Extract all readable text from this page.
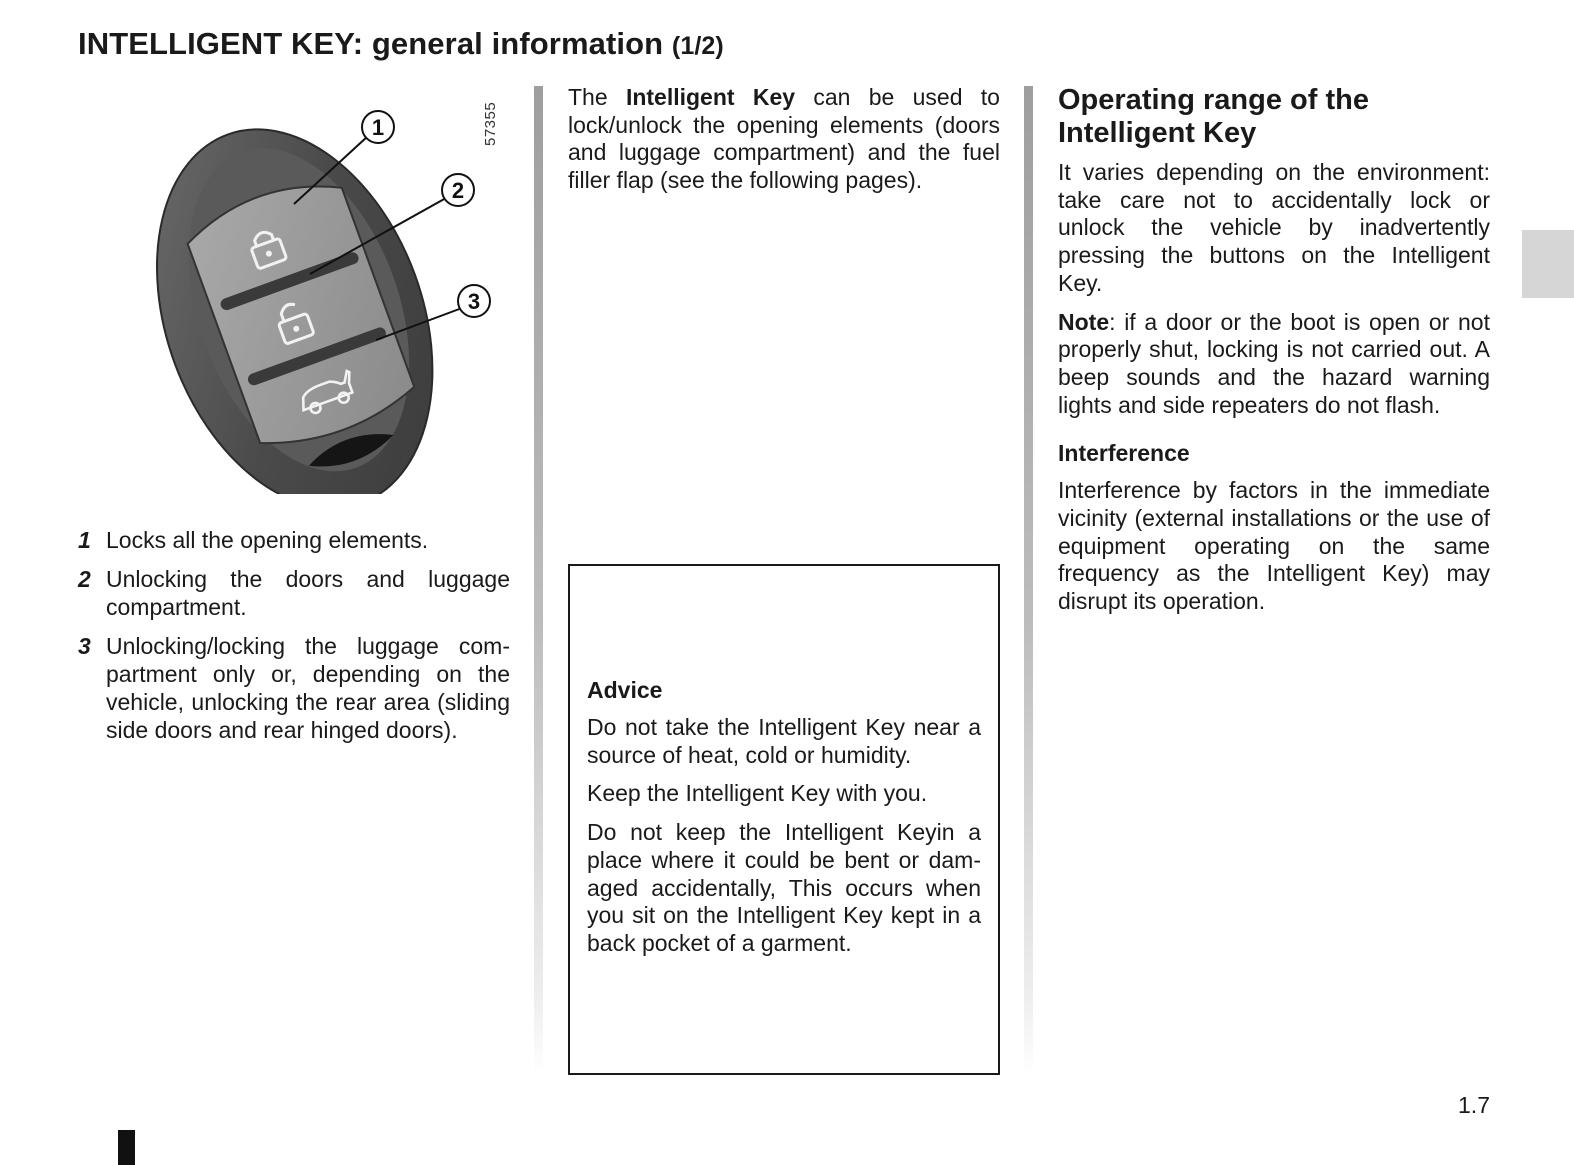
INTELLIGENT KEY: general information (1/2)
1
2
3
57355
1 Locks all the opening elements.
2 Unlocking the doors and luggage compartment.
3 Unlocking/locking the luggage compartment only or, depending on the vehicle, unlocking the rear area (sliding side doors and rear hinged doors).
The Intelligent Key can be used to lock/unlock the opening elements (doors and luggage compartment) and the fuel filler flap (see the following pages).
Advice

Do not take the Intelligent Key near a source of heat, cold or humidity.

Keep the Intelligent Key with you.

Do not keep the Intelligent Keyin a place where it could be bent or damaged accidentally, This occurs when you sit on the Intelligent Key kept in a back pocket of a garment.

Operating range of the Intelligent Key

It varies depending on the environment: take care not to accidentally lock or unlock the vehicle by inadvertently pressing the buttons on the Intelligent Key.

Note: if a door or the boot is open or not properly shut, locking is not carried out. A beep sounds and the hazard warning lights and side repeaters do not flash.

Interference

Interference by factors in the immediate vicinity (external installations or the use of equipment operating on the same frequency as the Intelligent Key) may disrupt its operation.

1.7
